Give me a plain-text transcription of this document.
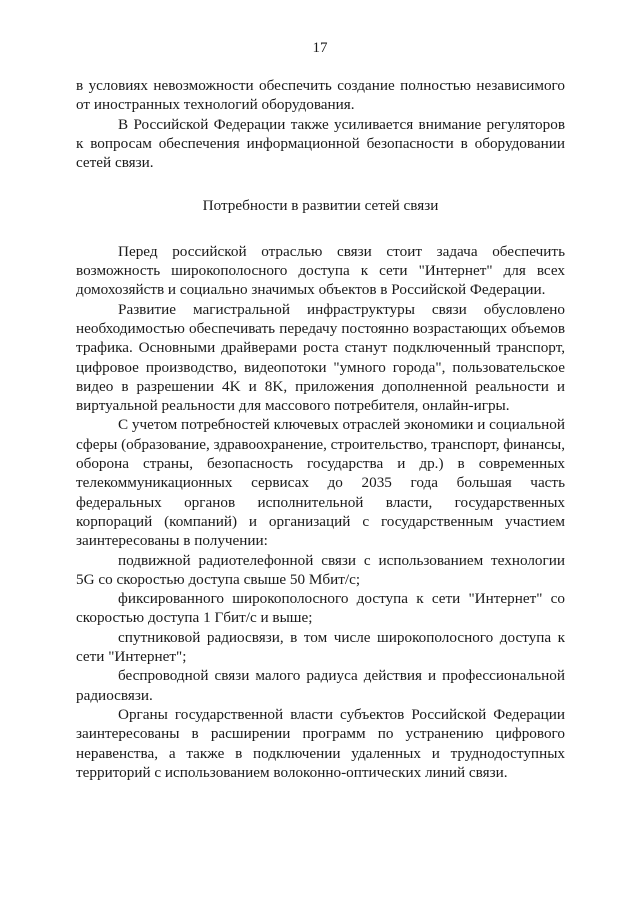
17

в условиях невозможности обеспечить создание полностью независимого от иностранных технологий оборудования.

В Российской Федерации также усиливается внимание регуляторов к вопросам обеспечения информационной безопасности в оборудовании сетей связи.

Потребности в развитии сетей связи

Перед российской отраслью связи стоит задача обеспечить возможность широкополосного доступа к сети "Интернет" для всех домохозяйств и социально значимых объектов в Российской Федерации.

Развитие магистральной инфраструктуры связи обусловлено необходимостью обеспечивать передачу постоянно возрастающих объемов трафика. Основными драйверами роста станут подключенный транспорт, цифровое производство, видеопотоки "умного города", пользовательское видео в разрешении 4K и 8K, приложения дополненной реальности и виртуальной реальности для массового потребителя, онлайн-игры.

С учетом потребностей ключевых отраслей экономики и социальной сферы (образование, здравоохранение, строительство, транспорт, финансы, оборона страны, безопасность государства и др.) в современных телекоммуникационных сервисах до 2035 года большая часть федеральных органов исполнительной власти, государственных корпораций (компаний) и организаций с государственным участием заинтересованы в получении:

подвижной радиотелефонной связи с использованием технологии 5G со скоростью доступа свыше 50 Мбит/с;

фиксированного широкополосного доступа к сети "Интернет" со скоростью доступа 1 Гбит/с и выше;

спутниковой радиосвязи, в том числе широкополосного доступа к сети "Интернет";

беспроводной связи малого радиуса действия и профессиональной радиосвязи.

Органы государственной власти субъектов Российской Федерации заинтересованы в расширении программ по устранению цифрового неравенства, а также в подключении удаленных и труднодоступных территорий с использованием волоконно-оптических линий связи.
